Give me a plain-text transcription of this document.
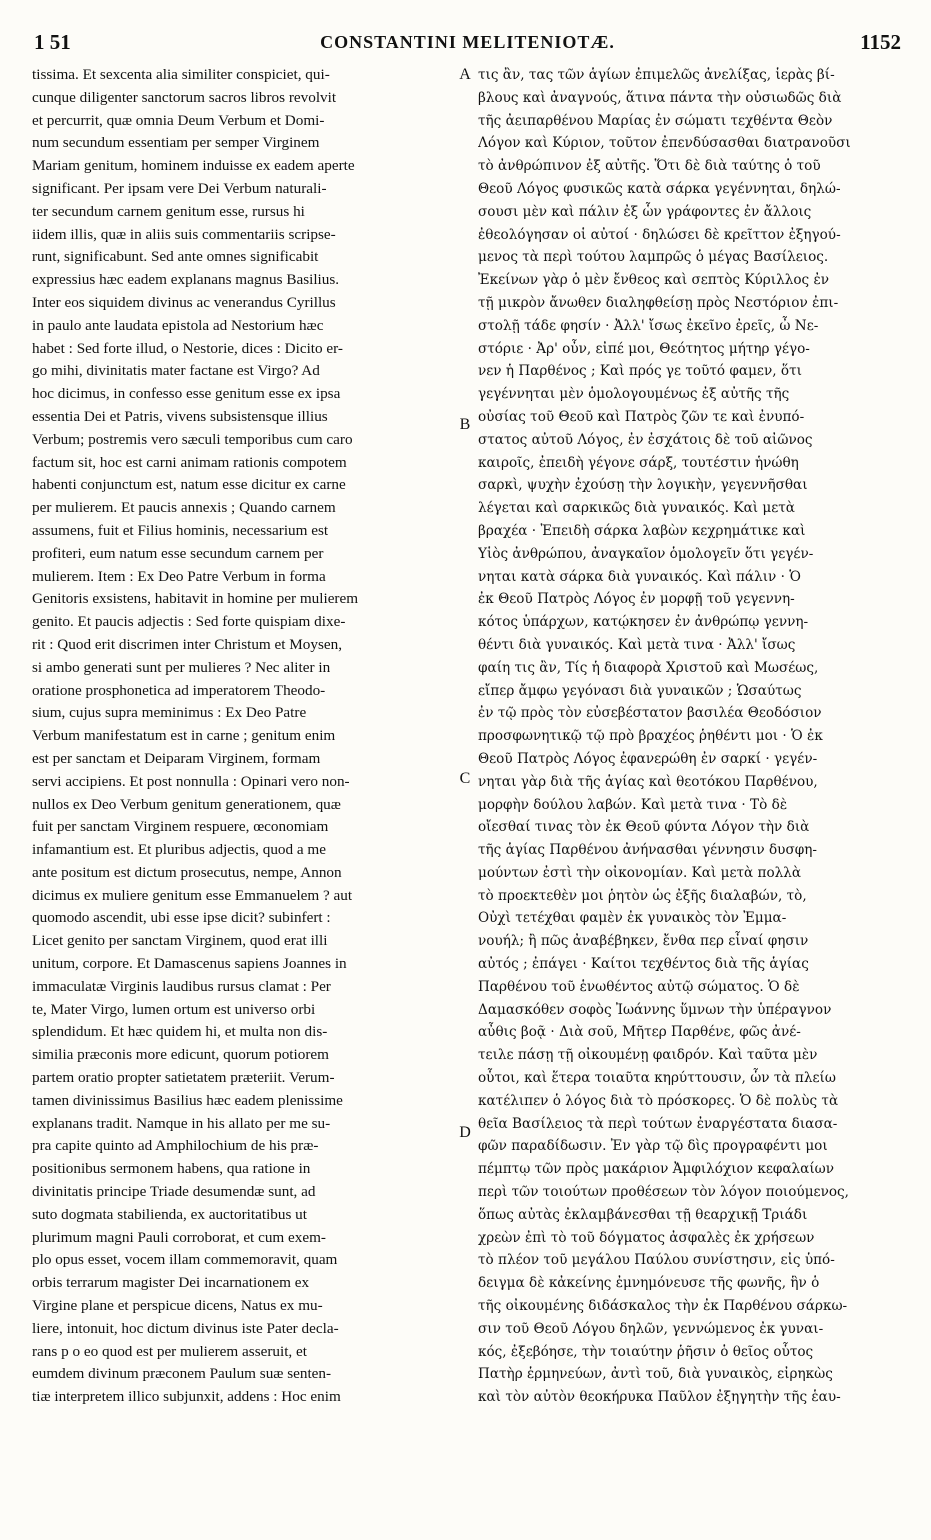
1 51	CONSTANTINI MELITENIOTÆ.	1152
tissima. Et sexcenta alia similiter conspiciet, qui-
cunque diligenter sanctorum sacros libros revolvit
et percurrit, quæ omnia Deum Verbum et Domi-
num secundum essentiam per semper Virginem
Mariam genitum, hominem induisse ex eadem aperte
significant. Per ipsam vere Dei Verbum naturali-
ter secundum carnem genitum esse, rursus hi
iidem illis, quæ in aliis suis commentariis scripse-
runt, significabunt. Sed ante omnes significabit
expressius hæc eadem explanans magnus Basilius.
Inter eos siquidem divinus ac venerandus Cyrillus
in paulo ante laudata epistola ad Nestorium hæc
habet : Sed forte illud, o Nestorie, dices : Dicito er-
go mihi, divinitatis mater factane est Virgo? Ad
hoc dicimus, in confesso esse genitum esse ex ipsa
essentia Dei et Patris, vivens subsistensque illius
Verbum; postremis vero sæculi temporibus cum caro
factum sit, hoc est carni animam rationis compotem
habenti conjunctum est, natum esse dicitur ex carne
per mulierem. Et paucis annexis ; Quando carnem
assumens, fuit et Filius hominis, necessarium est
profiteri, eum natum esse secundum carnem per
mulierem. Item : Ex Deo Patre Verbum in forma
Genitoris exsistens, habitavit in homine per mulierem
genito. Et paucis adjectis : Sed forte quispiam dixe-
rit : Quod erit discrimen inter Christum et Moysen,
si ambo generati sunt per mulieres ? Nec aliter in
oratione prosphonetica ad imperatorem Theodo-
sium, cujus supra meminimus : Ex Deo Patre
Verbum manifestatum est in carne ; genitum enim
est per sanctam et Deiparam Virginem, formam
servi accipiens. Et post nonnulla : Opinari vero non-
nullos ex Deo Verbum genitum generationem, quæ
fuit per sanctam Virginem respuere, œconomiam
infamantium est. Et pluribus adjectis, quod a me
ante positum est dictum prosecutus, nempe, Annon
dicimus ex muliere genitum esse Emmanuelem ? aut
quomodo ascendit, ubi esse ipse dicit? subinfert :
Licet genito per sanctam Virginem, quod erat illi
unitum, corpore. Et Damascenus sapiens Joannes in
immaculatæ Virginis laudibus rursus clamat : Per
te, Mater Virgo, lumen ortum est universo orbi
splendidum. Et hæc quidem hi, et multa non dis-
similia præconis more edicunt, quorum potiorem
partem oratio propter satietatem præteriit. Verum-
tamen divinissimus Basilius hæc eadem plenissime
explanans tradit. Namque in his allato per me su-
pra capite quinto ad Amphilochium de his præ-
positionibus sermonem habens, qua ratione in
divinitatis principe Triade desumendæ sunt, ad
suto dogmata stabilienda, ex auctoritatibus ut
plurimum magni Pauli corroborat, et cum exem-
plo opus esset, vocem illam commemoravit, quam
orbis terrarum magister Dei incarnationem ex
Virgine plane et perspicue dicens, Natus ex mu-
liere, intonuit, hoc dictum divinus iste Pater decla-
rans p o eo quod est per mulierem asseruit, et
eumdem divinum præconem Paulum suæ senten-
tiæ interpretem illico subjunxit, addens : Hoc enim
τις ἂν, τας τῶν ἁγίων ἐπιμελῶς ἀνελίξας, ἱερὰς βί-
βλους καὶ ἀναγνούς, ἅτινα πάντα τὴν οὐσιωδῶς διὰ
τῆς ἀειπαρθένου Μαρίας ἐν σώματι τεχθέντα Θεὸν
Λόγον καὶ Κύριον, τοῦτον ἐπενδύσασθαι διατρανοῦσι
τὸ ἀνθρώπινον ἐξ αὐτῆς. Ὅτι δὲ διὰ ταύτης ὁ τοῦ
Θεοῦ Λόγος φυσικῶς κατὰ σάρκα γεγέννηται, δηλώ-
σουσι μὲν καὶ πάλιν ἐξ ὧν γράφοντες ἐν ἄλλοις
ἐθεολόγησαν οἱ αὐτοί · δηλώσει δὲ κρεῖττον ἐξηγού-
μενος τὰ περὶ τούτου λαμπρῶς ὁ μέγας Βασίλειος.
Ἐκείνων γὰρ ὁ μὲν ἔνθεος καὶ σεπτὸς Κύριλλος ἐν
τῇ μικρὸν ἄνωθεν διαληφθείσῃ πρὸς Νεστόριον ἐπι-
στολῇ τάδε φησίν · Ἀλλ' ἴσως ἐκεῖνο ἐρεῖς, ὦ Νε-
στόριε · Ἀρ' οὖν, εἰπέ μοι, Θεότητος μήτηρ γέγο-
νεν ἡ Παρθένος ; Καὶ πρός γε τοῦτό φαμεν, ὅτι
γεγέννηται μὲν ὁμολογουμένως ἐξ αὐτῆς τῆς
οὐσίας τοῦ Θεοῦ καὶ Πατρὸς ζῶν τε καὶ ἐνυπό-
στατος αὐτοῦ Λόγος, ἐν ἐσχάτοις δὲ τοῦ αἰῶνος
καιροῖς, ἐπειδὴ γέγονε σάρξ, τουτέστιν ἡνώθη
σαρκὶ, ψυχὴν ἐχούσῃ τὴν λογικὴν, γεγεννῆσθαι
λέγεται καὶ σαρκικῶς διὰ γυναικός. Καὶ μετὰ
βραχέα · Ἐπειδὴ σάρκα λαβὼν κεχρημάτικε καὶ
Υἱὸς ἀνθρώπου, ἀναγκαῖον ὁμολογεῖν ὅτι γεγέν-
νηται κατὰ σάρκα διὰ γυναικός. Καὶ πάλιν · Ὁ
ἐκ Θεοῦ Πατρὸς Λόγος ἐν μορφῇ τοῦ γεγεννη-
κότος ὑπάρχων, κατῴκησεν ἐν ἀνθρώπῳ γεννη-
θέντι διὰ γυναικός. Καὶ μετὰ τινα · Ἀλλ' ἴσως
φαίη τις ἂν, Τίς ἡ διαφορὰ Χριστοῦ καὶ Μωσέως,
εἴπερ ἄμφω γεγόνασι διὰ γυναικῶν ; Ὡσαύτως
ἐν τῷ πρὸς τὸν εὐσεβέστατον βασιλέα Θεοδόσιον
προσφωνητικῷ τῷ πρὸ βραχέος ῥηθέντι μοι · Ὁ ἐκ
Θεοῦ Πατρὸς Λόγος ἐφανερώθη ἐν σαρκί · γεγέν-
νηται γὰρ διὰ τῆς ἁγίας καὶ θεοτόκου Παρθένου,
μορφὴν δούλου λαβών. Καὶ μετὰ τινα · Τὸ δὲ
οἴεσθαί τινας τὸν ἐκ Θεοῦ φύντα Λόγον τὴν διὰ
τῆς ἁγίας Παρθένου ἀνήνασθαι γέννησιν δυσφη-
μούντων ἐστὶ τὴν οἰκονομίαν. Καὶ μετὰ πολλὰ
τὸ προεκτεθὲν μοι ῥητὸν ὡς ἐξῆς διαλαβών, τὸ,
Οὐχὶ τετέχθαι φαμὲν ἐκ γυναικὸς τὸν Ἐμμα-
νουήλ; ἢ πῶς ἀναβέβηκεν, ἔνθα περ εἶναί φησιν
αὐτός ; ἐπάγει · Καίτοι τεχθέντος διὰ τῆς ἁγίας
Παρθένου τοῦ ἑνωθέντος αὐτῷ σώματος. Ὁ δὲ
Δαμασκόθεν σοφὸς Ἰωάννης ὕμνων τὴν ὑπέραγνον
αὖθις βοᾷ · Διὰ σοῦ, Μῆτερ Παρθένε, φῶς ἀνέ-
τειλε πάσῃ τῇ οἰκουμένῃ φαιδρόν. Καὶ ταῦτα μὲν
οὗτοι, καὶ ἕτερα τοιαῦτα κηρύττουσιν, ὧν τὰ πλείω
κατέλιπεν ὁ λόγος διὰ τὸ πρόσκορες. Ὁ δὲ πολὺς τὰ
θεῖα Βασίλειος τὰ περὶ τούτων ἐναργέστατα διασα-
φῶν παραδίδωσιν. Ἐν γὰρ τῷ δὶς προγραφέντι μοι
πέμπτῳ τῶν πρὸς μακάριον Ἀμφιλόχιον κεφαλαίων
περὶ τῶν τοιούτων προθέσεων τὸν λόγον ποιούμενος,
ὅπως αὐτὰς ἐκλαμβάνεσθαι τῇ θεαρχικῇ Τριάδι
χρεὼν ἐπὶ τὸ τοῦ δόγματος ἀσφαλὲς ἐκ χρήσεων
τὸ πλέον τοῦ μεγάλου Παύλου συνίστησιν, εἰς ὑπό-
δειγμα δὲ κἀκείνης ἐμνημόνευσε τῆς φωνῆς, ἣν ὁ
τῆς οἰκουμένης διδάσκαλος τὴν ἐκ Παρθένου σάρκω-
σιν τοῦ Θεοῦ Λόγου δηλῶν, γεννώμενος ἐκ γυναι-
κός, ἐξεβόησε, τὴν τοιαύτην ῥῆσιν ὁ θεῖος οὗτος
Πατὴρ ἑρμηνεύων, ἀντὶ τοῦ, διὰ γυναικὸς, εἰρηκὼς
καὶ τὸν αὐτὸν θεοκήρυκα Παῦλον ἐξηγητὴν τῆς ἑαυ-
A
B
C
D
